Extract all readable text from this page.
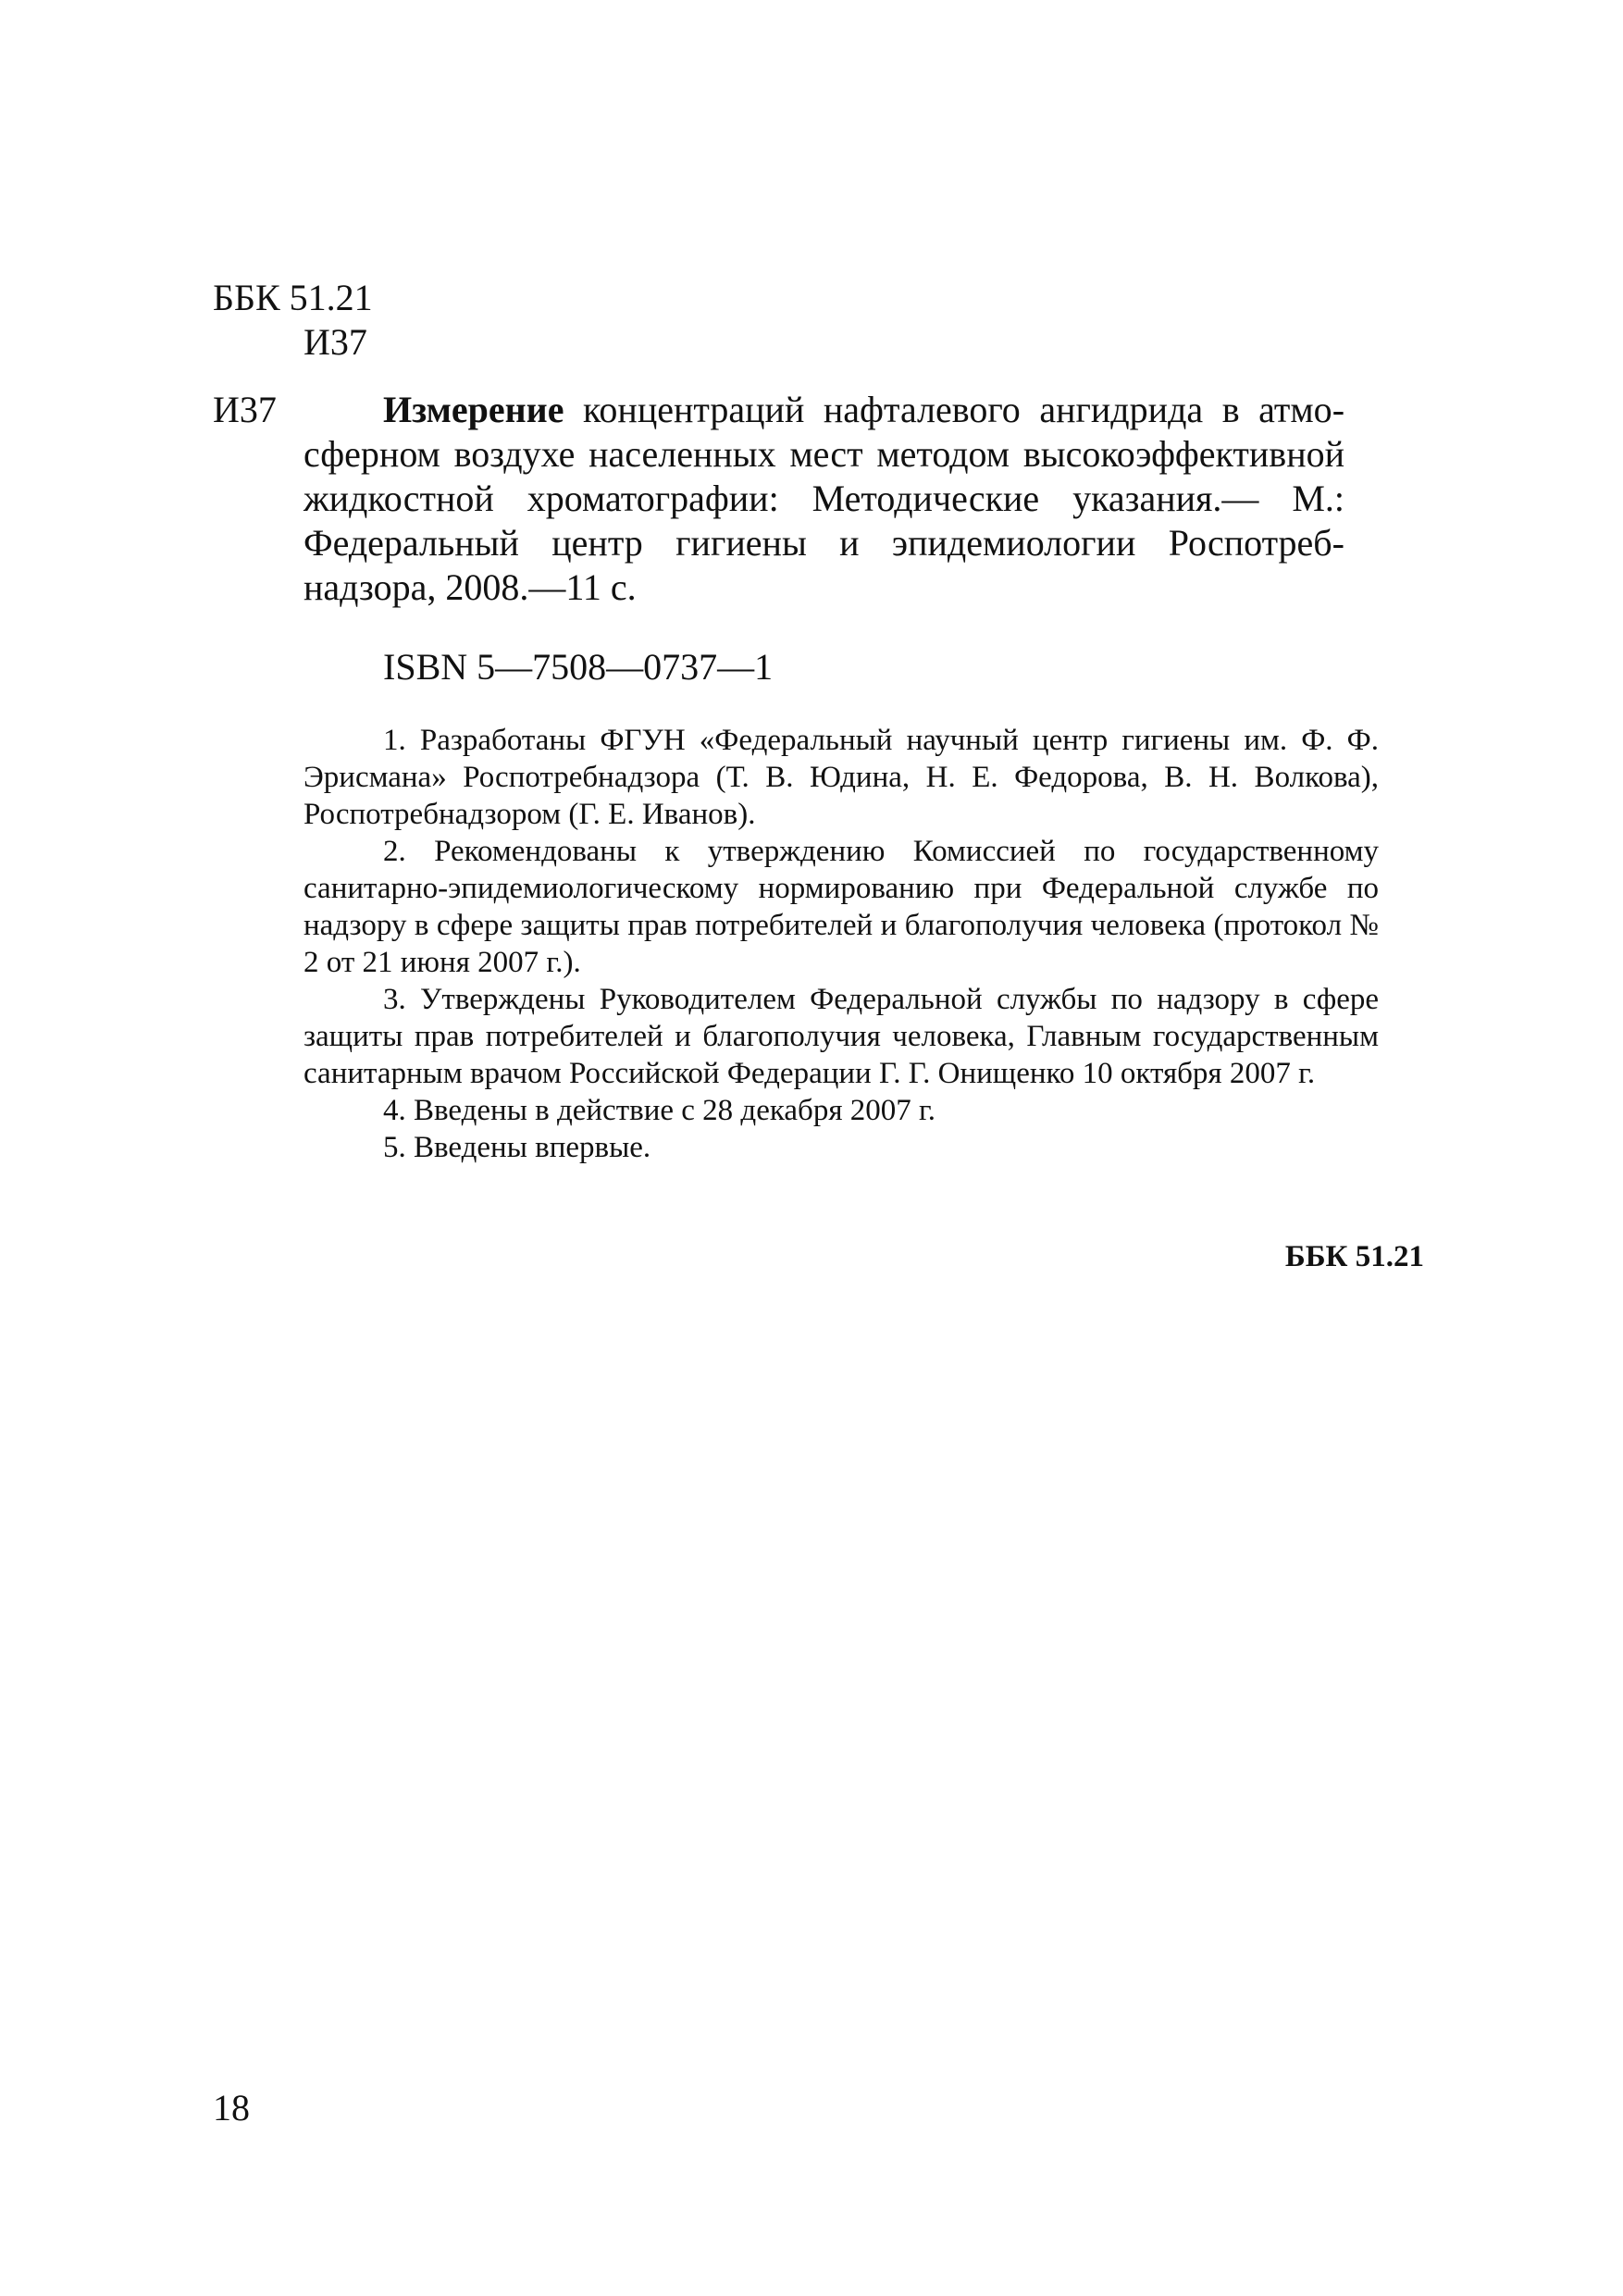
ББК 51.21

И37

И37	Измерение концентраций нафталевого ангидрида в атмосферном воздухе населенных мест методом высокоэффективной жидкостной хроматографии: Методические указания.— М.: Федеральный центр гигиены и эпидемиологии Роспотребнадзора, 2008.—11 с.

ISBN 5—7508—0737—1

1. Разработаны ФГУН «Федеральный научный центр гигиены им. Ф. Ф. Эрисмана» Роспотребнадзора (Т. В. Юдина, Н. Е. Федорова, В. Н. Волкова), Роспотребнадзором (Г. Е. Иванов).

2. Рекомендованы к утверждению Комиссией по государственному санитарно-эпидемиологическому нормированию при Федеральной службе по надзору в сфере защиты прав потребителей и благополучия человека (протокол № 2 от 21 июня 2007 г.).

3. Утверждены Руководителем Федеральной службы по надзору в сфере защиты прав потребителей и благополучия человека, Главным государственным санитарным врачом Российской Федерации Г. Г. Онищенко 10 октября 2007 г.

4. Введены в действие с 28 декабря 2007 г.

5. Введены впервые.

ББК 51.21

18
